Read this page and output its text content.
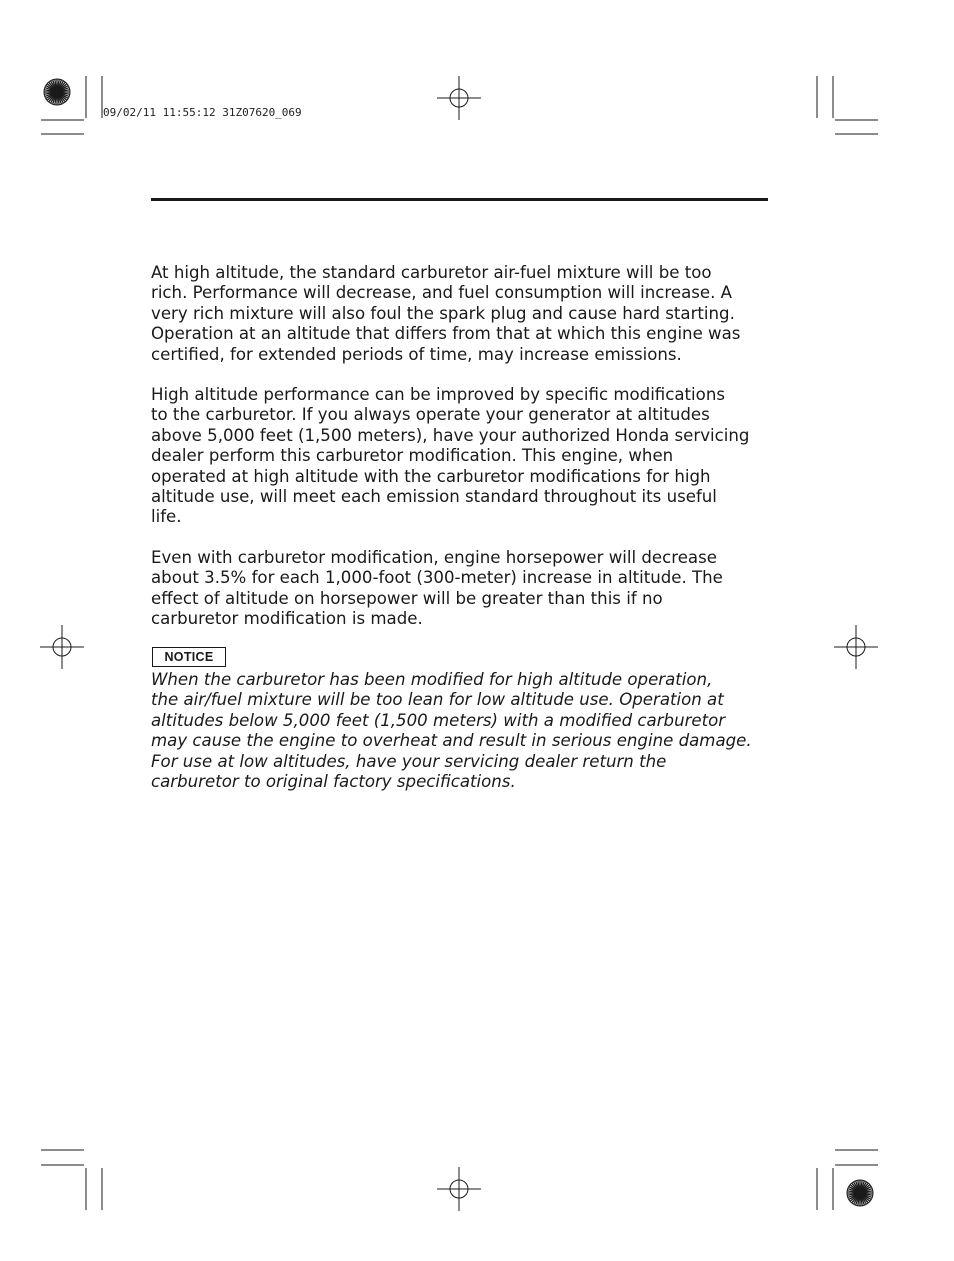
09/02/11 11:55:12 31Z07620_069

At high altitude, the standard carburetor air-fuel mixture will be too
rich. Performance will decrease, and fuel consumption will increase. A
very rich mixture will also foul the spark plug and cause hard starting.
Operation at an altitude that differs from that at which this engine was
certified, for extended periods of time, may increase emissions.

High altitude performance can be improved by specific modifications
to the carburetor. If you always operate your generator at altitudes
above 5,000 feet (1,500 meters), have your authorized Honda servicing
dealer perform this carburetor modification. This engine, when
operated at high altitude with the carburetor modifications for high
altitude use, will meet each emission standard throughout its useful
life.

Even with carburetor modification, engine horsepower will decrease
about 3.5% for each 1,000-foot (300-meter) increase in altitude. The
effect of altitude on horsepower will be greater than this if no
carburetor modification is made.

NOTICE

When the carburetor has been modified for high altitude operation,
the air/fuel mixture will be too lean for low altitude use. Operation at
altitudes below 5,000 feet (1,500 meters) with a modified carburetor
may cause the engine to overheat and result in serious engine damage.
For use at low altitudes, have your servicing dealer return the
carburetor to original factory specifications.
